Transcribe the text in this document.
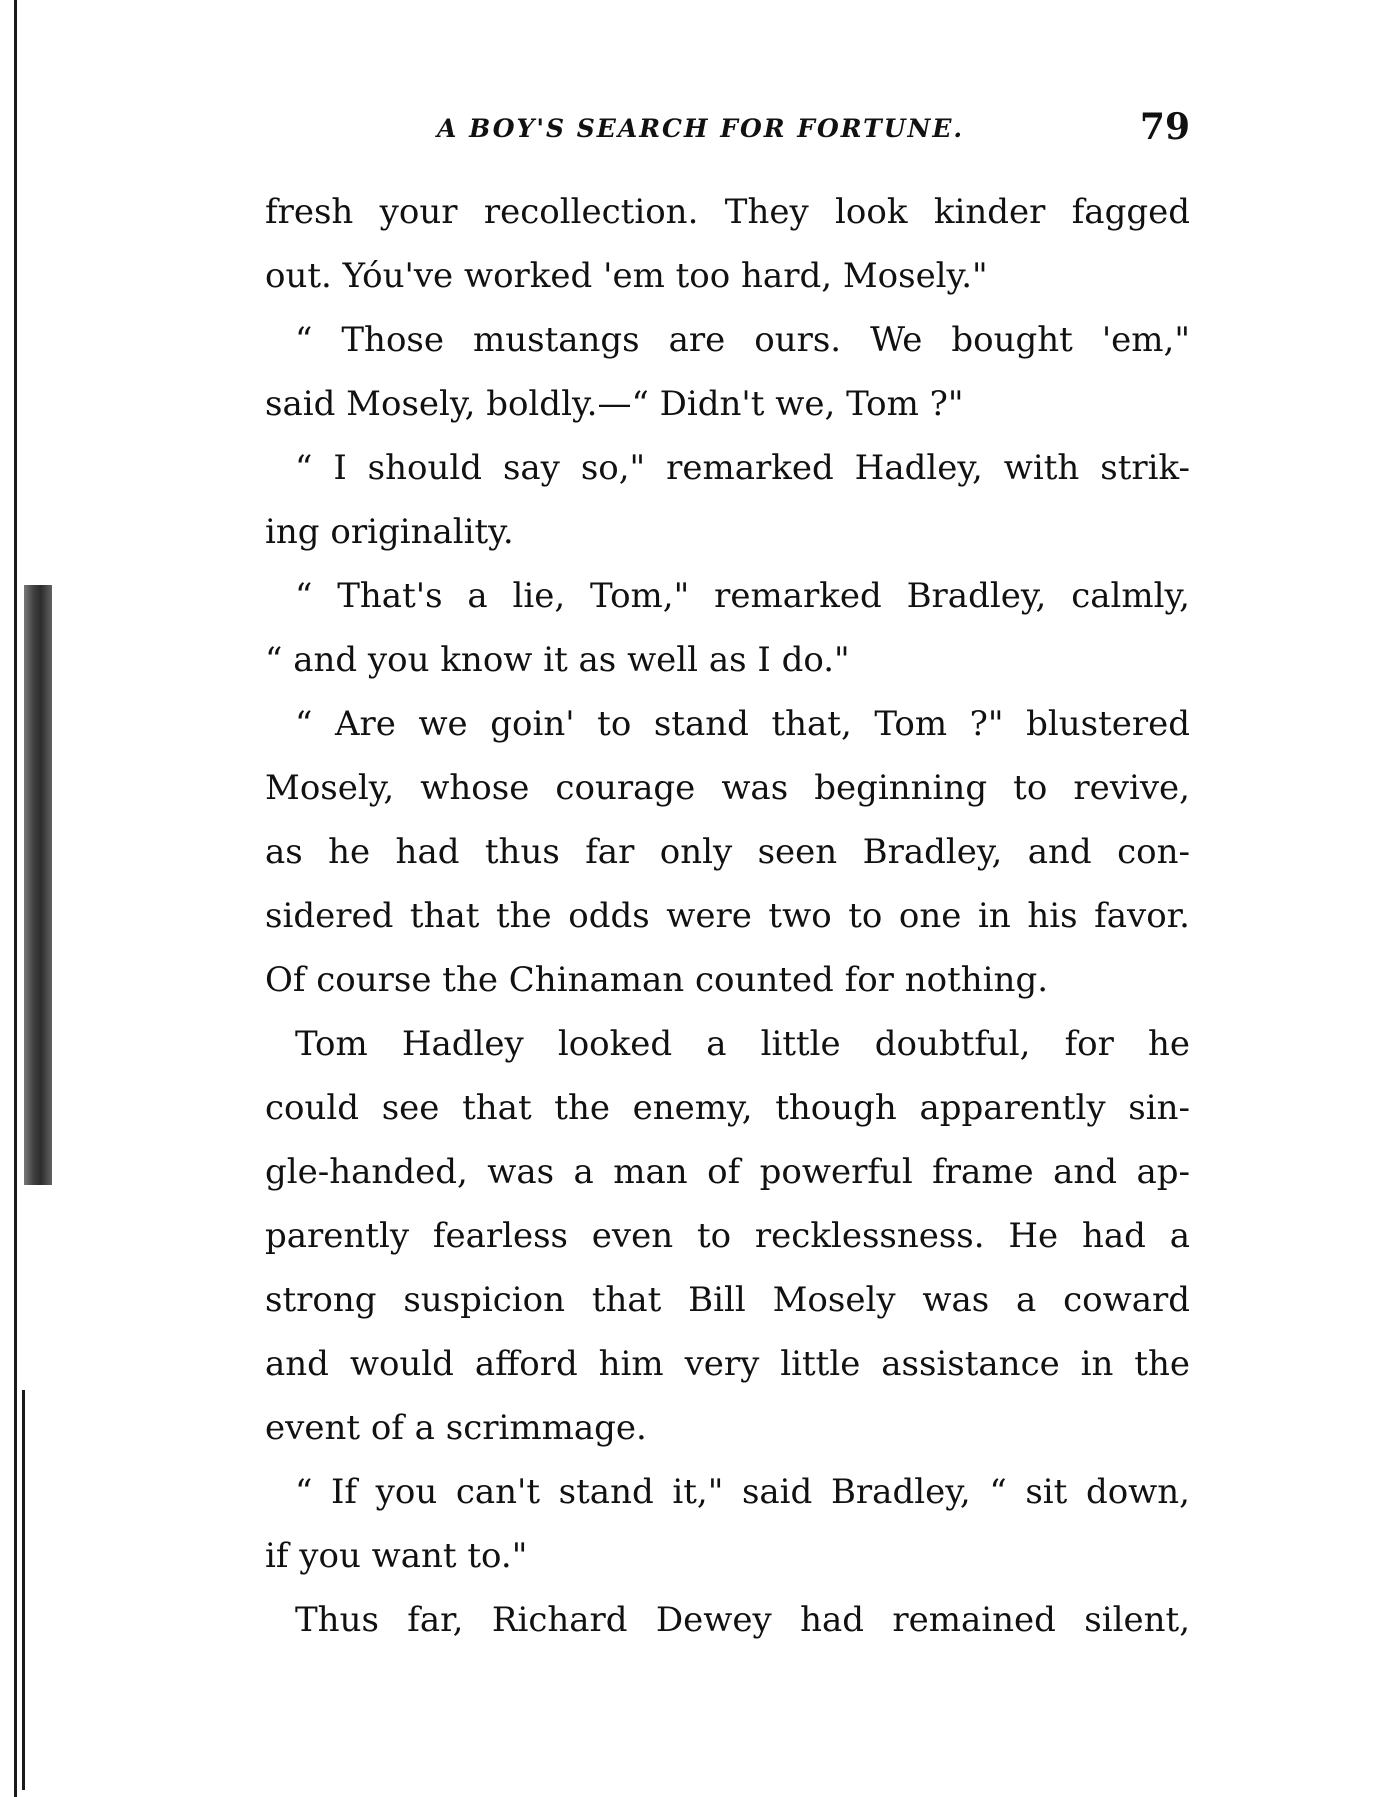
A BOY'S SEARCH FOR FORTUNE.	79
fresh your recollection. They look kinder fagged
out. Yóu've worked 'em too hard, Mosely."
“ Those mustangs are ours. We bought 'em,"
said Mosely, boldly.—“ Didn't we, Tom ?"
“ I should say so," remarked Hadley, with strik-
ing originality.
“ That's a lie, Tom," remarked Bradley, calmly,
“ and you know it as well as I do."
“ Are we goin' to stand that, Tom ?" blustered
Mosely, whose courage was beginning to revive,
as he had thus far only seen Bradley, and con-
sidered that the odds were two to one in his favor.
Of course the Chinaman counted for nothing.
Tom Hadley looked a little doubtful, for he
could see that the enemy, though apparently sin-
gle-handed, was a man of powerful frame and ap-
parently fearless even to recklessness. He had a
strong suspicion that Bill Mosely was a coward
and would afford him very little assistance in the
event of a scrimmage.
“ If you can't stand it," said Bradley, “ sit down,
if you want to."
Thus far, Richard Dewey had remained silent,
